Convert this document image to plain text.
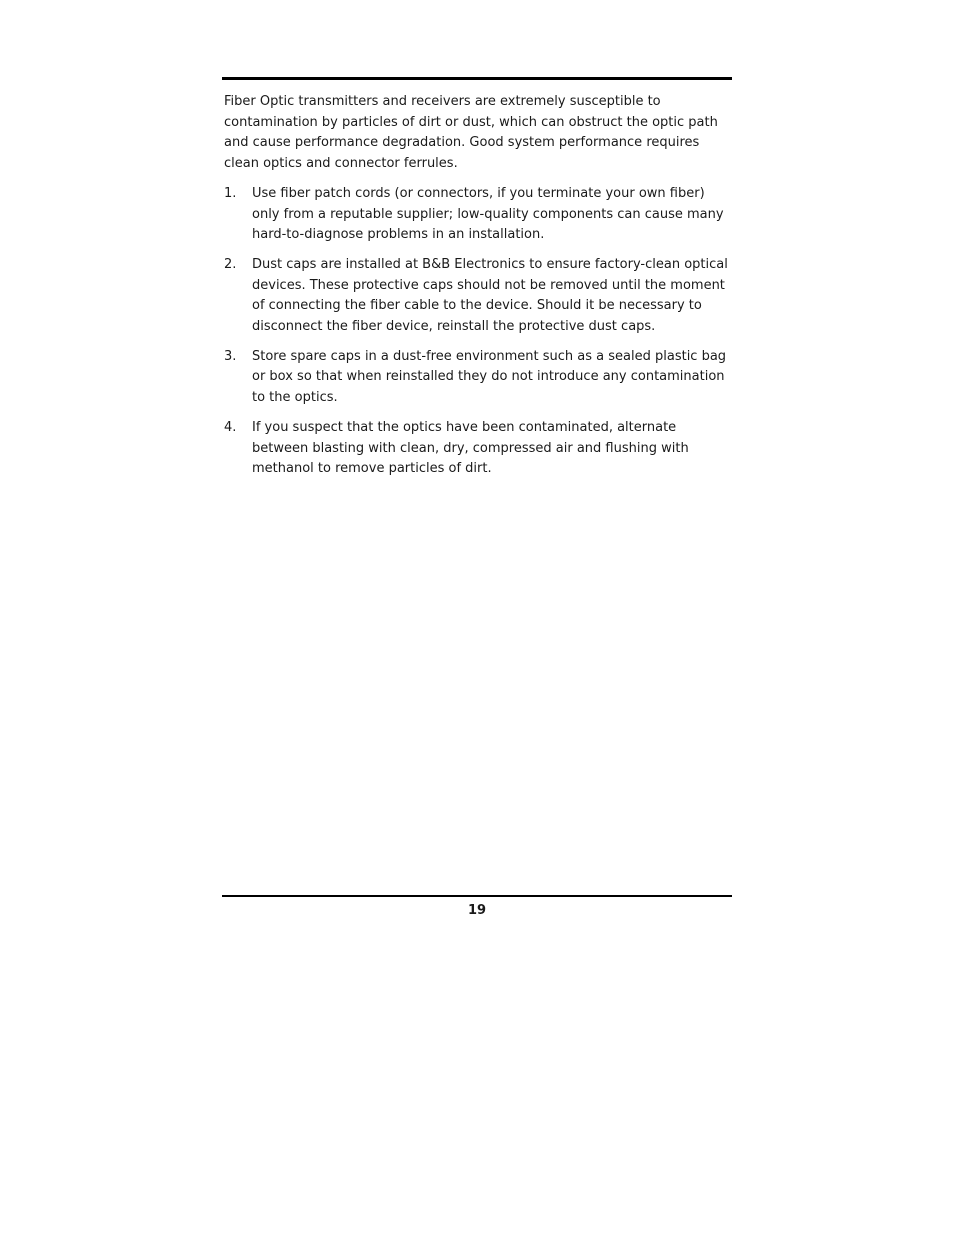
Fiber Optic transmitters and receivers are extremely susceptible to contamination by particles of dirt or dust, which can obstruct the optic path and cause performance degradation. Good system performance requires clean optics and connector ferrules.

1.	Use fiber patch cords (or connectors, if you terminate your own fiber) only from a reputable supplier; low-quality components can cause many hard-to-diagnose problems in an installation.
2.	Dust caps are installed at B&B Electronics to ensure factory-clean optical devices. These protective caps should not be removed until the moment of connecting the fiber cable to the device. Should it be necessary to disconnect the fiber device, reinstall the protective dust caps.
3.	Store spare caps in a dust-free environment such as a sealed plastic bag or box so that when reinstalled they do not introduce any contamination to the optics.
4.	If you suspect that the optics have been contaminated, alternate between blasting with clean, dry, compressed air and flushing with methanol to remove particles of dirt.
19
